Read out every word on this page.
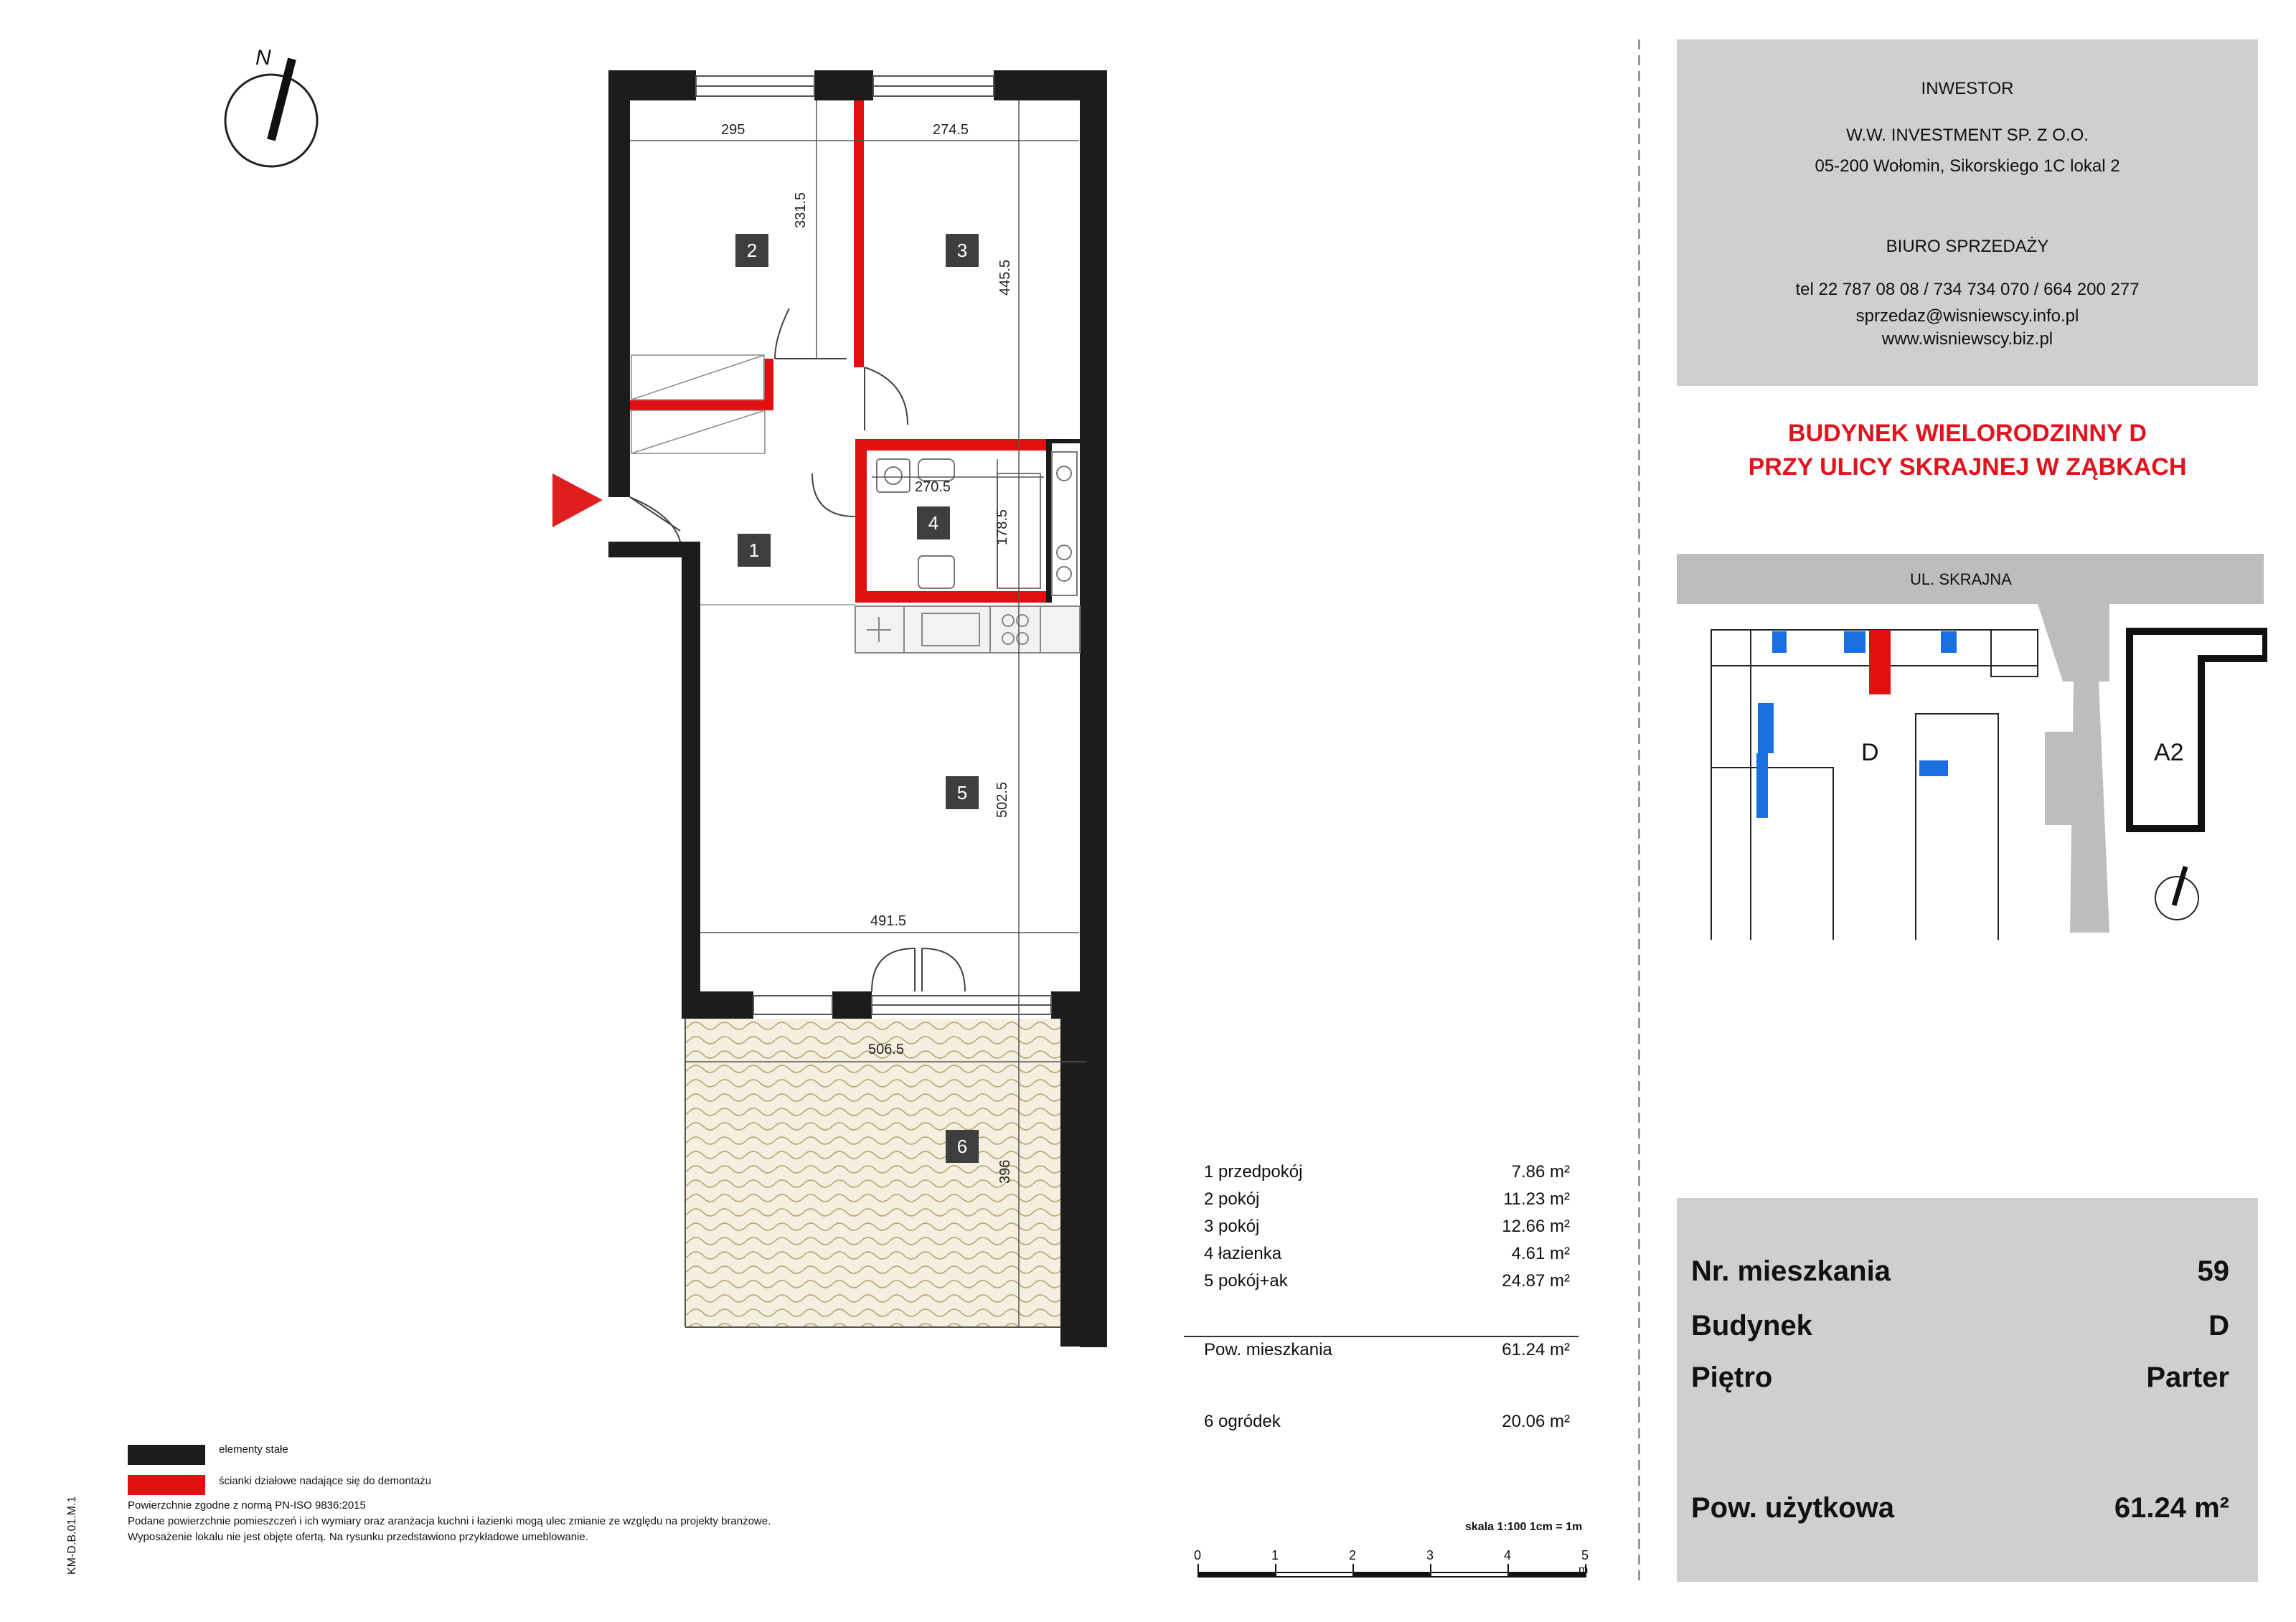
295	274.5
331.5
445.5
270.5
178.5
502.5
491.5
506.5
396
1
2	3
4
5
6
N
elementy stałe
ścianki działowe nadające się do demontażu
Powierzchnie zgodne z normą PN-ISO 9836:2015
Podane powierzchnie pomieszczeń i ich wymiary oraz aranżacja kuchni i łazienki mogą ulec zmianie ze względu na projekty branżowe.
Wyposażenie lokalu nie jest objęte ofertą. Na rysunku przedstawiono przykładowe umeblowanie.
KM-D.B.01.M.1
1 przedpokój	7.86 m²
2 pokój	11.23 m²
3 pokój	12.66 m²
4 łazienka	4.61 m²
5 pokój+ak	24.87 m²
Pow. mieszkania	61.24 m²
6 ogródek	20.06 m²
skala 1:100 1cm = 1m
0	1	2	3	4	5
m
INWESTOR
W.W. INVESTMENT SP. Z O.O.
05-200 Wołomin, Sikorskiego 1C lokal 2
BIURO SPRZEDAŻY
tel 22 787 08 08 / 734 734 070 / 664 200 277
sprzedaz@wisniewscy.info.pl
www.wisniewscy.biz.pl
BUDYNEK WIELORODZINNY D
PRZY ULICY SKRAJNEJ W ZĄBKACH
UL. SKRAJNA
D	A2
Nr. mieszkania	59
Budynek	D
Piętro	Parter
Pow. użytkowa	61.24 m²
